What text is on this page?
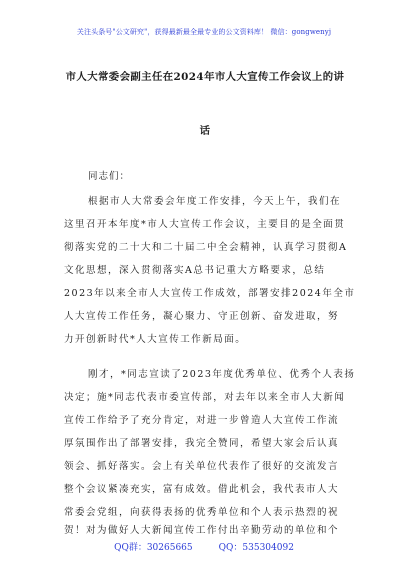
关注头条号"公文研究"，获得最新最全最专业的公文资料库！ 微信：gongwenyj
市人大常委会副主任在2024年市人大宣传工作会议上的讲
话
同志们：
根据市人大常委会年度工作安排，今天上午，我们在
这里召开本年度*市人大宣传工作会议，主要目的是全面贯
彻落实党的二十大和二十届二中全会精神，认真学习贯彻A
文化思想，深入贯彻落实A总书记重大方略要求，总结
2023年以来全市人大宣传工作成效，部署安排2024年全市
人大宣传工作任务，凝心聚力、守正创新、奋发进取，努
力开创新时代*人大宣传工作新局面。
刚才，*同志宣读了2023年度优秀单位、优秀个人表扬
决定；施*同志代表市委宣传部，对去年以来全市人大新闻
宣传工作给予了充分肯定，对进一步曾造人大宣传工作流
厚氛围作出了部署安排，我完全赞同，希望大家会后认真
领会、抓好落实。会上有关单位代表作了很好的交流发言
整个会议紧凑充实，富有成效。借此机会，我代表市人大
常委会党组，向获得表扬的优秀单位和个人表示热烈的祝
贺！对为做好人大新闻宣传工作付出辛勤劳动的单位和个
QQ群：30265665	QQ：535304092
